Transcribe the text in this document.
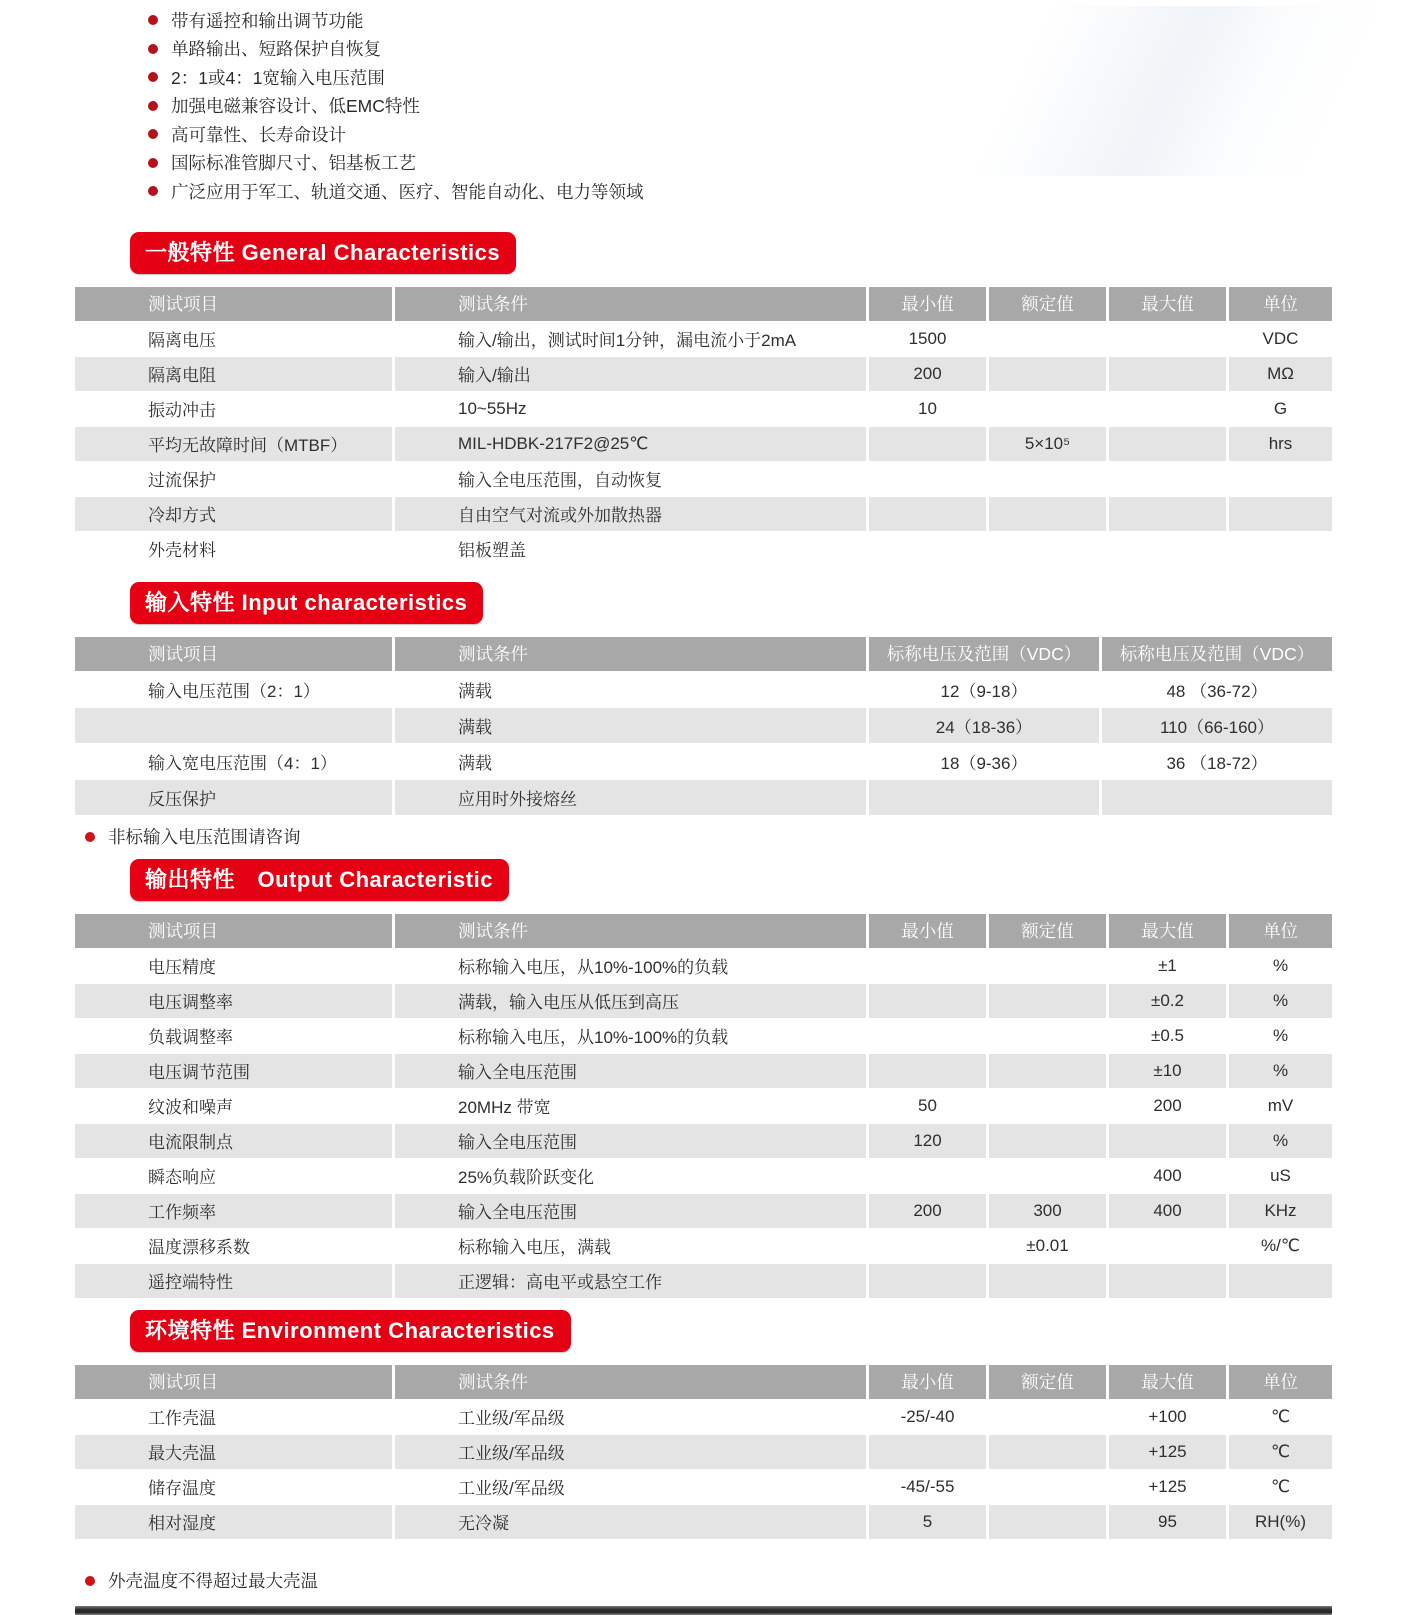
带有遥控和输出调节功能
单路输出、短路保护自恢复
2：1或4：1宽输入电压范围
加强电磁兼容设计、低EMC特性
高可靠性、长寿命设计
国际标准管脚尺寸、铝基板工艺
广泛应用于军工、轨道交通、医疗、智能自动化、电力等领域
一般特性 General Characteristics
测试项目	测试条件	最小值	额定值	最大值	单位
隔离电压	输入/输出，测试时间1分钟，漏电流小于2mA	1500			VDC
隔离电阻	输入/输出	200			MΩ
振动冲击	10~55Hz	10			G
平均无故障时间（MTBF）	MIL-HDBK-217F2@25℃		5×10⁵		hrs
过流保护	输入全电压范围，自动恢复				
冷却方式	自由空气对流或外加散热器				
外壳材料	铝板塑盖				
输入特性 Input characteristics
测试项目	测试条件	标称电压及范围（VDC）	标称电压及范围（VDC）
输入电压范围（2：1）	满载	12（9-18）	48 （36-72）
	满载	24（18-36）	110（66-160）
输入宽电压范围（4：1）	满载	18（9-36）	36 （18-72）
反压保护	应用时外接熔丝		
非标输入电压范围请咨询
输出特性　Output Characteristic
测试项目	测试条件	最小值	额定值	最大值	单位
电压精度	标称输入电压，从10%-100%的负载			±1	%
电压调整率	满载，输入电压从低压到高压			±0.2	%
负载调整率	标称输入电压，从10%-100%的负载			±0.5	%
电压调节范围	输入全电压范围			±10	%
纹波和噪声	20MHz 带宽	50		200	mV
电流限制点	输入全电压范围	120			%
瞬态响应	25%负载阶跃变化			400	uS
工作频率	输入全电压范围	200	300	400	KHz
温度漂移系数	标称输入电压，满载		±0.01		%/℃
遥控端特性	正逻辑：高电平或悬空工作				
环境特性 Environment Characteristics
测试项目	测试条件	最小值	额定值	最大值	单位
工作壳温	工业级/军品级	-25/-40		+100	℃
最大壳温	工业级/军品级			+125	℃
储存温度	工业级/军品级	-45/-55		+125	℃
相对湿度	无冷凝	5		95	RH(%)
外壳温度不得超过最大壳温
